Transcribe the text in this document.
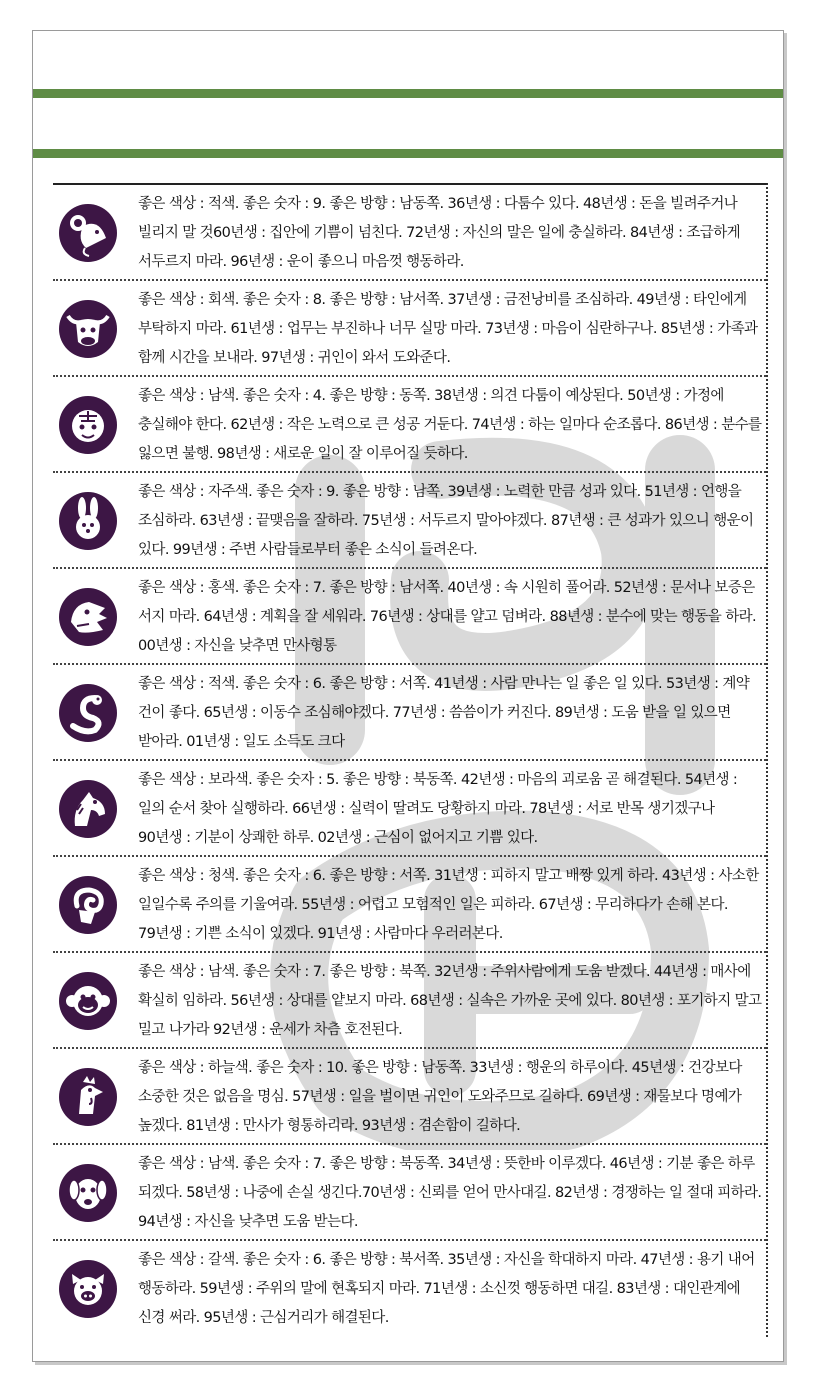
좋은 색상 : 적색. 좋은 숫자 : 9. 좋은 방향 : 남동쪽. 36년생 : 다툼수 있다. 48년생 : 돈을 빌려주거나 빌리지 말 것60년생 : 집안에 기쁨이 넘친다. 72년생 : 자신의 말은 일에 충실하라. 84년생 : 조급하게 서두르지 마라. 96년생 : 운이 좋으니 마음껏 행동하라.
좋은 색상 : 회색. 좋은 숫자 : 8. 좋은 방향 : 남서쪽. 37년생 : 금전낭비를 조심하라. 49년생 : 타인에게 부탁하지 마라. 61년생 : 업무는 부진하나 너무 실망 마라. 73년생 : 마음이 심란하구나. 85년생 : 가족과 함께 시간을 보내라. 97년생 : 귀인이 와서 도와준다.
좋은 색상 : 남색. 좋은 숫자 : 4. 좋은 방향 : 동쪽. 38년생 : 의견 다툼이 예상된다. 50년생 : 가정에 충실해야 한다. 62년생 : 작은 노력으로 큰 성공 거둔다. 74년생 : 하는 일마다 순조롭다. 86년생 : 분수를 잃으면 불행. 98년생 : 새로운 일이 잘 이루어질 듯하다.
좋은 색상 : 자주색. 좋은 숫자 : 9. 좋은 방향 : 남쪽. 39년생 : 노력한 만큼 성과 있다. 51년생 : 언행을 조심하라. 63년생 : 끝맺음을 잘하라. 75년생 : 서두르지 말아야겠다. 87년생 : 큰 성과가 있으니 행운이 있다. 99년생 : 주변 사람들로부터 좋은 소식이 들려온다.
좋은 색상 : 홍색. 좋은 숫자 : 7. 좋은 방향 : 남서쪽. 40년생 : 속 시원히 풀어라. 52년생 : 문서나 보증은 서지 마라. 64년생 : 계획을 잘 세워라. 76년생 : 상대를 얄고 덤벼라. 88년생 : 분수에 맞는 행동을 하라. 00년생 : 자신을 낮추면 만사형통
좋은 색상 : 적색. 좋은 숫자 : 6. 좋은 방향 : 서쪽. 41년생 : 사람 만나는 일 좋은 일 있다. 53년생 : 계약 건이 좋다. 65년생 : 이동수 조심해야겠다. 77년생 : 씀씀이가 커진다. 89년생 : 도움 받을 일 있으면 받아라. 01년생 : 일도 소득도 크다
좋은 색상 : 보라색. 좋은 숫자 : 5. 좋은 방향 : 북동쪽. 42년생 : 마음의 괴로움 곧 해결된다. 54년생 : 일의 순서 찾아 실행하라. 66년생 : 실력이 딸려도 당황하지 마라. 78년생 : 서로 반목 생기겠구나 90년생 : 기분이 상쾌한 하루. 02년생 : 근심이 없어지고 기쁨 있다.
좋은 색상 : 청색. 좋은 숫자 : 6. 좋은 방향 : 서쪽. 31년생 : 피하지 말고 배짱 있게 하라. 43년생 : 사소한 일일수록 주의를 기울여라. 55년생 : 어렵고 모험적인 일은 피하라. 67년생 : 무리하다가 손해 본다. 79년생 : 기쁜 소식이 있겠다. 91년생 : 사람마다 우러러본다.
좋은 색상 : 남색. 좋은 숫자 : 7. 좋은 방향 : 북쪽. 32년생 : 주위사람에게 도움 받겠다. 44년생 : 매사에 확실히 임하라. 56년생 : 상대를 얕보지 마라. 68년생 : 실속은 가까운 곳에 있다. 80년생 : 포기하지 말고 밀고 나가라 92년생 : 운세가 차츰 호전된다.
좋은 색상 : 하늘색. 좋은 숫자 : 10. 좋은 방향 : 남동쪽. 33년생 : 행운의 하루이다. 45년생 : 건강보다 소중한 것은 없음을 명심. 57년생 : 일을 벌이면 귀인이 도와주므로 길하다. 69년생 : 재물보다 명예가 높겠다. 81년생 : 만사가 형통하리라. 93년생 : 겸손함이 길하다.
좋은 색상 : 남색. 좋은 숫자 : 7. 좋은 방향 : 북동쪽. 34년생 : 뜻한바 이루겠다. 46년생 : 기분 좋은 하루 되겠다. 58년생 : 나중에 손실 생긴다.70년생 : 신뢰를 얻어 만사대길. 82년생 : 경쟁하는 일 절대 피하라. 94년생 : 자신을 낮추면 도움 받는다.
좋은 색상 : 갈색. 좋은 숫자 : 6. 좋은 방향 : 북서쪽. 35년생 : 자신을 학대하지 마라. 47년생 : 용기 내어 행동하라. 59년생 : 주위의 말에 현혹되지 마라. 71년생 : 소신껏 행동하면 대길. 83년생 : 대인관계에 신경 써라. 95년생 : 근심거리가 해결된다.
